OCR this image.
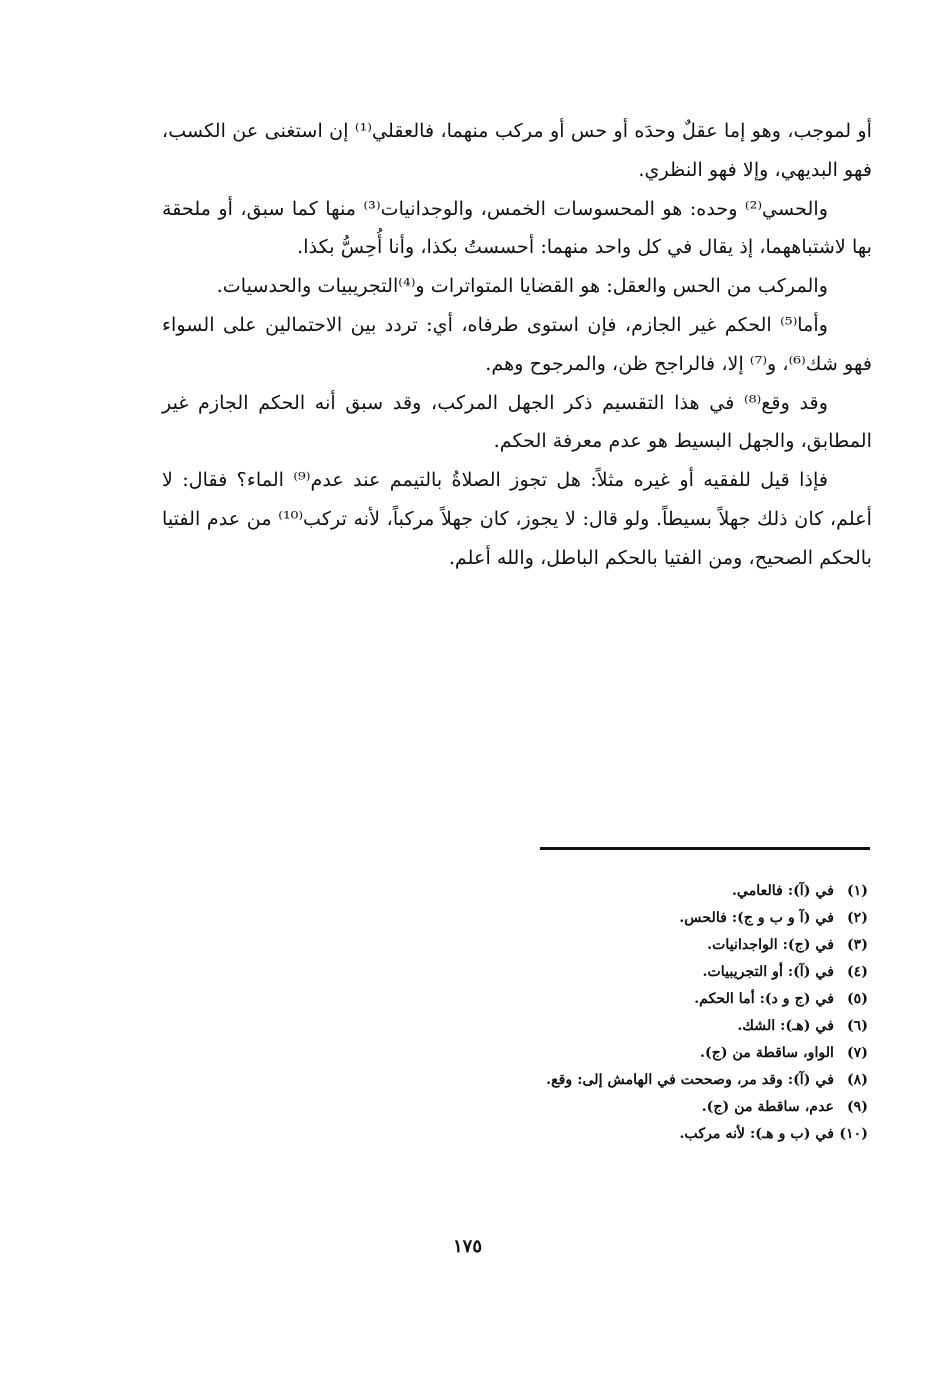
أو لموجب، وهو إما عقلٌ وحدَه أو حس أو مركب منهما، فالعقلي⁽¹⁾ إن استغنى عن الكسب، فهو البديهي، وإلا فهو النظري.

والحسي⁽²⁾ وحده: هو المحسوسات الخمس، والوجدانيات⁽³⁾ منها كما سبق، أو ملحقة بها لاشتباههما، إذ يقال في كل واحد منهما: أحسستُ بكذا، وأنا أُحِسُّ بكذا.

والمركب من الحس والعقل: هو القضايا المتواترات و⁽⁴⁾التجريبيات والحدسيات.

وأما⁽⁵⁾ الحكم غير الجازم، فإن استوى طرفاه، أي: تردد بين الاحتمالين على السواء فهو شك⁽⁶⁾، و⁽⁷⁾ إلا، فالراجح ظن، والمرجوح وهم.

وقد وقع⁽⁸⁾ في هذا التقسيم ذكر الجهل المركب، وقد سبق أنه الحكم الجازم غير المطابق، والجهل البسيط هو عدم معرفة الحكم.

فإذا قيل للفقيه أو غيره مثلاً: هل تجوز الصلاةُ بالتيمم عند عدم⁽⁹⁾ الماء؟ فقال: لا أعلم، كان ذلك جهلاً بسيطاً. ولو قال: لا يجوز، كان جهلاً مركباً، لأنه تركب⁽¹⁰⁾ من عدم الفتيا بالحكم الصحيح، ومن الفتيا بالحكم الباطل، والله أعلم.

(١)في (آ): فالعامي.
(٢)في (آ و ب و ج): فالحس.
(٣)في (ج): الواجدانيات.
(٤)في (آ): أو التجريبيات.
(٥)في (ج و د): أما الحكم.
(٦)في (هـ): الشك.
(٧)الواو، ساقطة من (ج).
(٨)في (آ): وقد مر، وصححت في الهامش إلى: وقع.
(٩)عدم، ساقطة من (ج).
(١٠)في (ب و هـ): لأنه مركب.
١٧٥
